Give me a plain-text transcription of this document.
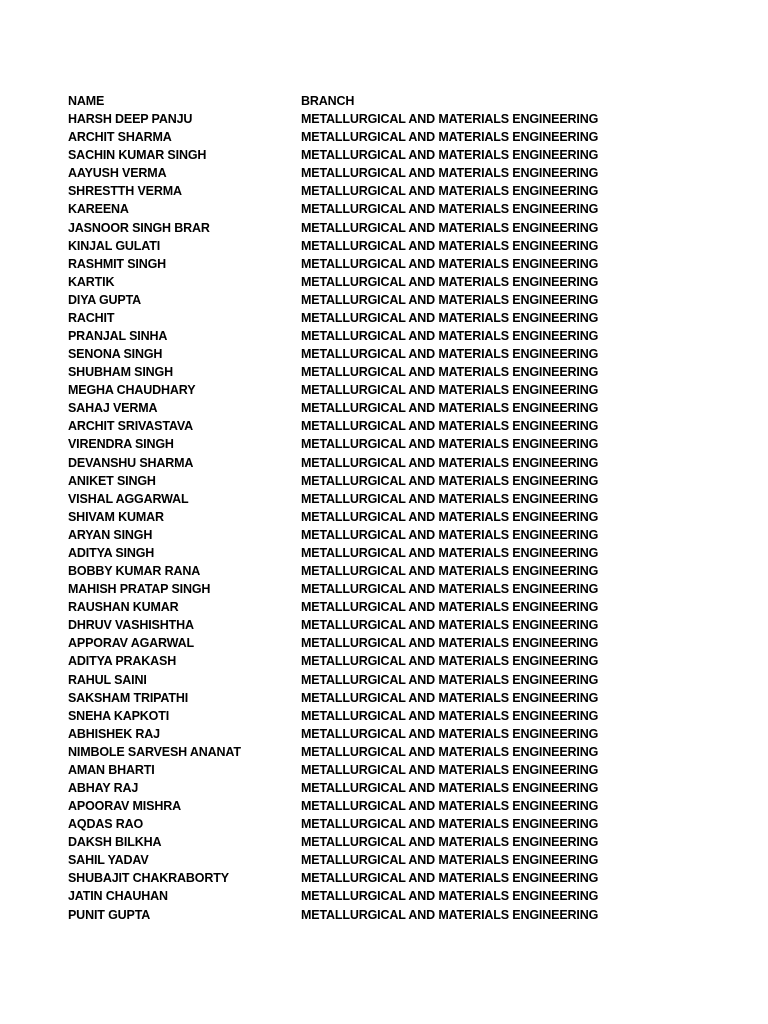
NAME	BRANCH
HARSH DEEP PANJU	METALLURGICAL AND MATERIALS ENGINEERING
ARCHIT SHARMA	METALLURGICAL AND MATERIALS ENGINEERING
SACHIN KUMAR SINGH	METALLURGICAL AND MATERIALS ENGINEERING
AAYUSH VERMA	METALLURGICAL AND MATERIALS ENGINEERING
SHRESTTH VERMA	METALLURGICAL AND MATERIALS ENGINEERING
KAREENA	METALLURGICAL AND MATERIALS ENGINEERING
JASNOOR SINGH BRAR	METALLURGICAL AND MATERIALS ENGINEERING
KINJAL GULATI	METALLURGICAL AND MATERIALS ENGINEERING
RASHMIT SINGH	METALLURGICAL AND MATERIALS ENGINEERING
KARTIK	METALLURGICAL AND MATERIALS ENGINEERING
DIYA GUPTA	METALLURGICAL AND MATERIALS ENGINEERING
RACHIT	METALLURGICAL AND MATERIALS ENGINEERING
PRANJAL SINHA	METALLURGICAL AND MATERIALS ENGINEERING
SENONA SINGH	METALLURGICAL AND MATERIALS ENGINEERING
SHUBHAM SINGH	METALLURGICAL AND MATERIALS ENGINEERING
MEGHA CHAUDHARY	METALLURGICAL AND MATERIALS ENGINEERING
SAHAJ VERMA	METALLURGICAL AND MATERIALS ENGINEERING
ARCHIT SRIVASTAVA	METALLURGICAL AND MATERIALS ENGINEERING
VIRENDRA SINGH	METALLURGICAL AND MATERIALS ENGINEERING
DEVANSHU SHARMA	METALLURGICAL AND MATERIALS ENGINEERING
ANIKET SINGH	METALLURGICAL AND MATERIALS ENGINEERING
VISHAL AGGARWAL	METALLURGICAL AND MATERIALS ENGINEERING
SHIVAM KUMAR	METALLURGICAL AND MATERIALS ENGINEERING
ARYAN SINGH	METALLURGICAL AND MATERIALS ENGINEERING
ADITYA SINGH	METALLURGICAL AND MATERIALS ENGINEERING
BOBBY KUMAR RANA	METALLURGICAL AND MATERIALS ENGINEERING
MAHISH PRATAP SINGH	METALLURGICAL AND MATERIALS ENGINEERING
RAUSHAN KUMAR	METALLURGICAL AND MATERIALS ENGINEERING
DHRUV VASHISHTHA	METALLURGICAL AND MATERIALS ENGINEERING
APPORAV AGARWAL	METALLURGICAL AND MATERIALS ENGINEERING
ADITYA PRAKASH	METALLURGICAL AND MATERIALS ENGINEERING
RAHUL SAINI	METALLURGICAL AND MATERIALS ENGINEERING
SAKSHAM TRIPATHI	METALLURGICAL AND MATERIALS ENGINEERING
SNEHA KAPKOTI	METALLURGICAL AND MATERIALS ENGINEERING
ABHISHEK RAJ	METALLURGICAL AND MATERIALS ENGINEERING
NIMBOLE SARVESH ANANAT	METALLURGICAL AND MATERIALS ENGINEERING
AMAN BHARTI	METALLURGICAL AND MATERIALS ENGINEERING
ABHAY RAJ	METALLURGICAL AND MATERIALS ENGINEERING
APOORAV MISHRA	METALLURGICAL AND MATERIALS ENGINEERING
AQDAS RAO	METALLURGICAL AND MATERIALS ENGINEERING
DAKSH BILKHA	METALLURGICAL AND MATERIALS ENGINEERING
SAHIL YADAV	METALLURGICAL AND MATERIALS ENGINEERING
SHUBAJIT CHAKRABORTY	METALLURGICAL AND MATERIALS ENGINEERING
JATIN CHAUHAN	METALLURGICAL AND MATERIALS ENGINEERING
PUNIT GUPTA	METALLURGICAL AND MATERIALS ENGINEERING
